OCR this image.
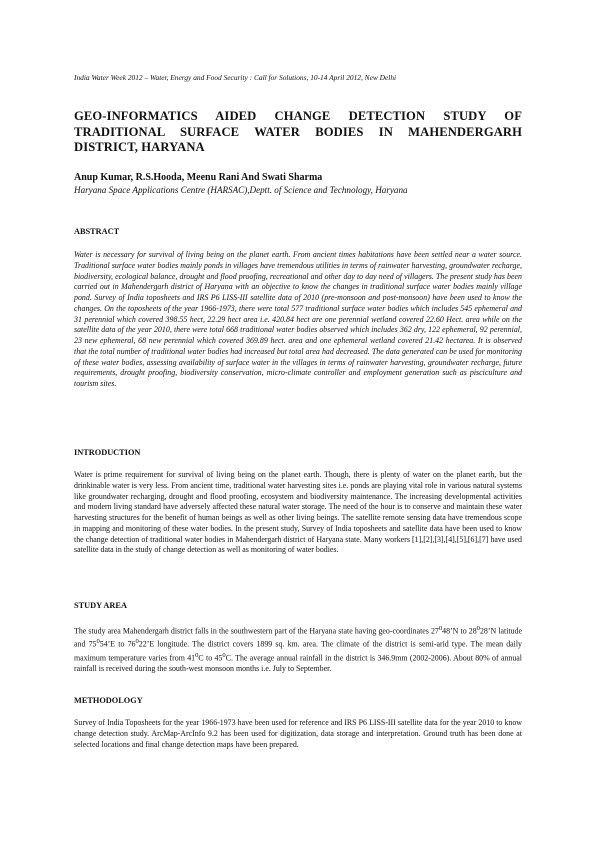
India Water Week 2012 – Water, Energy and Food Security : Call for Solutions, 10-14 April 2012, New Delhi
GEO-INFORMATICS AIDED CHANGE DETECTION STUDY OF TRADITIONAL SURFACE WATER BODIES IN MAHENDERGARH DISTRICT, HARYANA
Anup Kumar, R.S.Hooda, Meenu Rani And Swati Sharma
Haryana Space Applications Centre (HARSAC),Deptt. of Science and Technology, Haryana
ABSTRACT

Water is necessary for survival of living being on the planet earth. From ancient times habitations have been settled near a water source. Traditional surface water bodies mainly ponds in villages have tremendous utilities in terms of rainwater harvesting, groundwater recharge, biodiversity, ecological balance, drought and flood proofing, recreational and other day to day need of villagers. The present study has been carried out in Mahendergarh district of Haryana with an objective to know the changes in traditional surface water bodies mainly village pond. Survey of India toposheets and IRS P6 LISS-III satellite data of 2010 (pre-monsoon and post-monsoon) have been used to know the changes. On the toposheets of the year 1966-1973, there were total 577 traditional surface water bodies which includes 545 ephemeral and 31 perennial which covered 398.55 hect, 22.29 hect area i.e. 420.84 hect are one perennial wetland covered 22.60 Hect. area while on the satellite data of the year 2010, there were total 668 traditional water bodies observed which includes 362 dry, 122 ephemeral, 92 perennial, 23 new ephemeral, 68 new perennial which covered 369.89 hect. area and one ephemeral wetland covered 21.42 hectarea. It is observed that the total number of traditional water bodies had increased but total area had decreased. The data generated can be used for monitoring of these water bodies, assessing availability of surface water in the villages in terms of rainwater harvesting, groundwater recharge, future requirements, drought proofing, biodiversity conservation, micro-climate controller and employment generation such as pisciculture and tourism sites.

INTRODUCTION

Water is prime requirement for survival of living being on the planet earth. Though, there is plenty of water on the planet earth, but the drinkinable water is very less. From ancient time, traditional water harvesting sites i.e. ponds are playing vital role in various natural systems like groundwater recharging, drought and flood proofing, ecosystem and biodiversity maintenance. The increasing developmental activities and modern living standard have adversely affected these natural water storage. The need of the hour is to conserve and maintain these water harvesting structures for the benefit of human beings as well as other living beings. The satellite remote sensing data have tremendous scope in mapping and monitoring of these water bodies. In the present study, Survey of India toposheets and satellite data have been used to know the change detection of traditional water bodies in Mahendergarh district of Haryana state. Many workers [1],[2],[3],[4],[5],[6],[7] have used satellite data in the study of change detection as well as monitoring of water bodies.

STUDY AREA

The study area Mahendergarh district falls in the southwestern part of the Haryana state having geo-coordinates $27^048’N$ to $28^028’N$ latitude and $75^054’E$ to $76^022’E$ longitude. The district covers 1899 sq. km. area. The climate of the district is semi-arid type. The mean daily maximum temperature varies from $41^0C$ to $45^0C$. The average annual rainfall in the district is 346.9mm (2002-2006). About 80% of annual rainfall is received during the south-west monsoon months i.e. July to September.

METHODOLOGY

Survey of India Toposheets for the year 1966-1973 have been used for reference and IRS P6 LISS-III satellite data for the year 2010 to know change detection study. ArcMap-ArcInfo 9.2 has been used for digitization, data storage and interpretation. Ground truth has been done at selected locations and final change detection maps have been prepared.
